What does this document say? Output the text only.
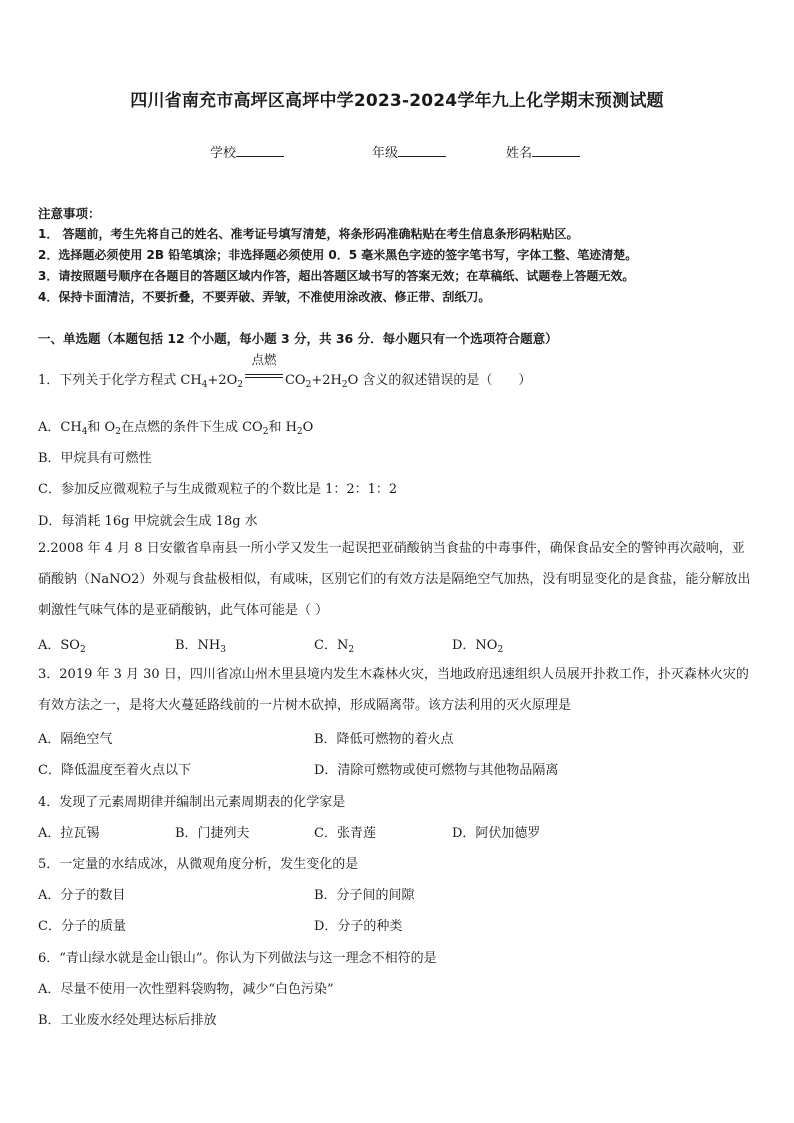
四川省南充市高坪区高坪中学2023-2024学年九上化学期末预测试题
学校	年级	姓名
注意事项：
1． 答题前，考生先将自己的姓名、准考证号填写清楚，将条形码准确粘贴在考生信息条形码粘贴区。
2．选择题必须使用 2B 铅笔填涂；非选择题必须使用 0．5 毫米黑色字迹的签字笔书写，字体工整、笔迹清楚。
3．请按照题号顺序在各题目的答题区域内作答，超出答题区域书写的答案无效；在草稿纸、试题卷上答题无效。
4．保持卡面清洁，不要折叠，不要弄破、弄皱，不准使用涂改液、修正带、刮纸刀。
一、单选题（本题包括 12 个小题，每小题 3 分，共 36 分．每小题只有一个选项符合题意）
1．下列关于化学方程式 $CH_4+2O_2$
点燃
$CO_2+2H_2O$ 含义的叙述错误的是（　　）
A．$CH_4$和 $O_2$在点燃的条件下生成 $CO_2$和 $H_2O$
B．甲烷具有可燃性
C．参加反应微观粒子与生成微观粒子的个数比是 1：2：1：2
D．每消耗 16g 甲烷就会生成 18g 水
2.2008 年 4 月 8 日安徽省阜南县一所小学又发生一起误把亚硝酸钠当食盐的中毒事件，确保食品安全的警钟再次敲响，亚硝酸钠（NaNO2）外观与食盐极相似，有咸味，区别它们的有效方法是隔绝空气加热，没有明显变化的是食盐，能分解放出刺激性气味气体的是亚硝酸钠，此气体可能是（ ）
A．$SO_2$	B．$NH_3$	C．$N_2$	D．$NO_2$
3．2019 年 3 月 30 日，四川省凉山州木里县境内发生木森林火灾，当地政府迅速组织人员展开扑救工作，扑灭森林火灾的有效方法之一，是将大火蔓延路线前的一片树木砍掉，形成隔离带。该方法利用的灭火原理是
A．隔绝空气	B．降低可燃物的着火点
C．降低温度至着火点以下	D．清除可燃物或使可燃物与其他物品隔离
4．发现了元素周期律并编制出元素周期表的化学家是
A．拉瓦锡	B．门捷列夫	C．张青莲	D．阿伏加德罗
5．一定量的水结成冰，从微观角度分析，发生变化的是
A．分子的数目	B．分子间的间隙
C．分子的质量	D．分子的种类
6．“青山绿水就是金山银山”。你认为下列做法与这一理念不相符的是
A．尽量不使用一次性塑料袋购物，减少“白色污染”
B．工业废水经处理达标后排放
